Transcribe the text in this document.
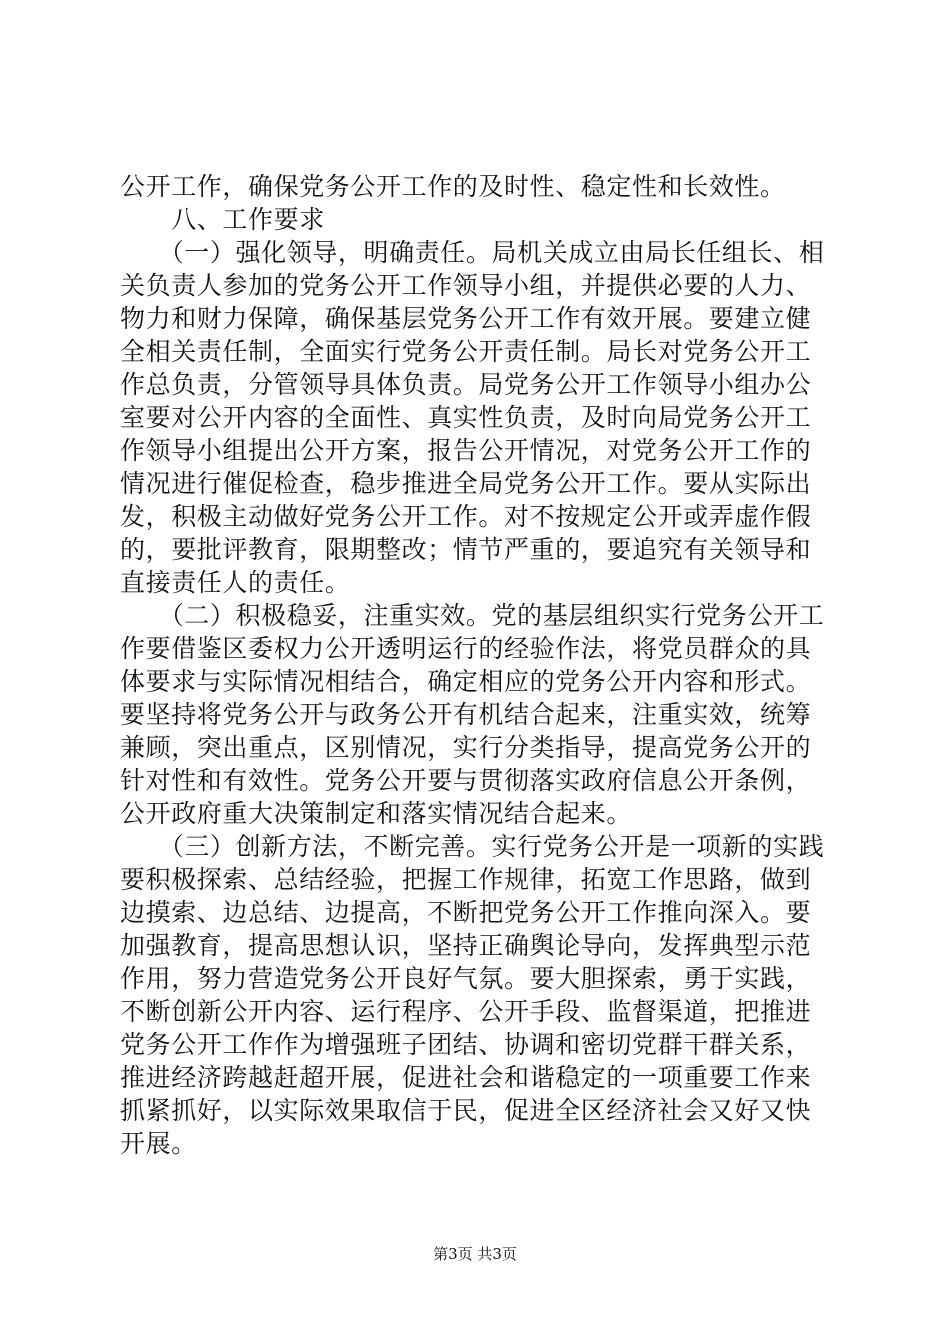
公开工作，确保党务公开工作的及时性、稳定性和长效性。
　　八、工作要求
　　（一）强化领导，明确责任。局机关成立由局长任组长、相
关负责人参加的党务公开工作领导小组，并提供必要的人力、
物力和财力保障，确保基层党务公开工作有效开展。要建立健
全相关责任制，全面实行党务公开责任制。局长对党务公开工
作总负责，分管领导具体负责。局党务公开工作领导小组办公
室要对公开内容的全面性、真实性负责，及时向局党务公开工
作领导小组提出公开方案，报告公开情况，对党务公开工作的
情况进行催促检查，稳步推进全局党务公开工作。要从实际出
发，积极主动做好党务公开工作。对不按规定公开或弄虚作假
的，要批评教育，限期整改；情节严重的，要追究有关领导和
直接责任人的责任。
　　（二）积极稳妥，注重实效。党的基层组织实行党务公开工
作要借鉴区委权力公开透明运行的经验作法，将党员群众的具
体要求与实际情况相结合，确定相应的党务公开内容和形式。
要坚持将党务公开与政务公开有机结合起来，注重实效，统筹
兼顾，突出重点，区别情况，实行分类指导，提高党务公开的
针对性和有效性。党务公开要与贯彻落实政府信息公开条例，
公开政府重大决策制定和落实情况结合起来。
　　（三）创新方法，不断完善。实行党务公开是一项新的实践
要积极探索、总结经验，把握工作规律，拓宽工作思路，做到
边摸索、边总结、边提高，不断把党务公开工作推向深入。要
加强教育，提高思想认识，坚持正确舆论导向，发挥典型示范
作用，努力营造党务公开良好气氛。要大胆探索，勇于实践，
不断创新公开内容、运行程序、公开手段、监督渠道，把推进
党务公开工作作为增强班子团结、协调和密切党群干群关系，
推进经济跨越赶超开展，促进社会和谐稳定的一项重要工作来
抓紧抓好，以实际效果取信于民，促进全区经济社会又好又快
开展。
第3页 共3页
